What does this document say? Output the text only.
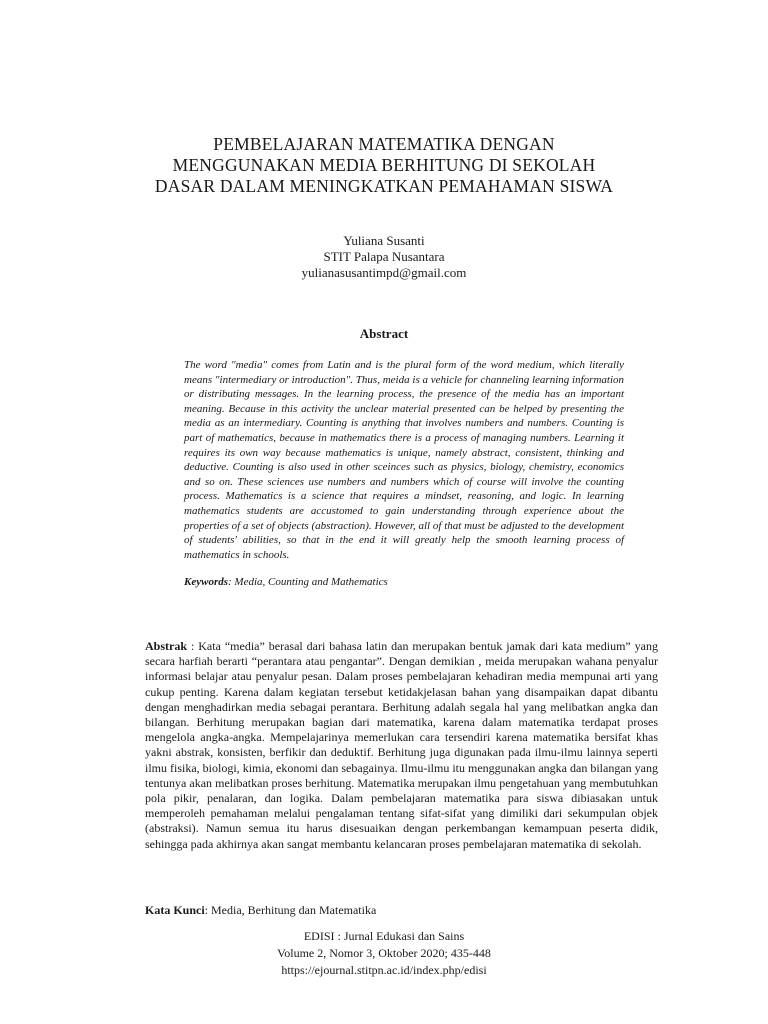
PEMBELAJARAN MATEMATIKA DENGAN
MENGGUNAKAN MEDIA BERHITUNG DI SEKOLAH
DASAR DALAM MENINGKATKAN PEMAHAMAN SISWA
Yuliana Susanti
STIT Palapa Nusantara
yulianasusantimpd@gmail.com
Abstract

The word "media" comes from Latin and is the plural form of the word medium, which literally means "intermediary or introduction". Thus, meida is a vehicle for channeling learning information or distributing messages. In the learning process, the presence of the media has an important meaning. Because in this activity the unclear material presented can be helped by presenting the media as an intermediary. Counting is anything that involves numbers and numbers. Counting is part of mathematics, because in mathematics there is a process of managing numbers. Learning it requires its own way because mathematics is unique, namely abstract, consistent, thinking and deductive. Counting is also used in other sceinces such as physics, biology, chemistry, economics and so on. These sciences use numbers and numbers which of course will involve the counting process. Mathematics is a science that requires a mindset, reasoning, and logic. In learning mathematics students are accustomed to gain understanding through experience about the properties of a set of objects (abstraction). However, all of that must be adjusted to the development of students' abilities, so that in the end it will greatly help the smooth learning process of mathematics in schools.

Keywords: Media, Counting and Mathematics

Abstrak : Kata “media” berasal dari bahasa latin dan merupakan bentuk jamak dari kata medium” yang secara harfiah berarti “perantara atau pengantar”. Dengan demikian , meida merupakan wahana penyalur informasi belajar atau penyalur pesan. Dalam proses pembelajaran kehadiran media mempunai arti yang cukup penting. Karena dalam kegiatan tersebut ketidakjelasan bahan yang disampaikan dapat dibantu dengan menghadirkan media sebagai perantara. Berhitung adalah segala hal yang melibatkan angka dan bilangan. Berhitung merupakan bagian dari matematika, karena dalam matematika terdapat proses mengelola angka-angka. Mempelajarinya memerlukan cara tersendiri karena matematika bersifat khas yakni abstrak, konsisten, berfikir dan deduktif. Berhitung juga digunakan pada ilmu-ilmu lainnya seperti ilmu fisika, biologi, kimia, ekonomi dan sebagainya. Ilmu-ilmu itu menggunakan angka dan bilangan yang tentunya akan melibatkan proses berhitung. Matematika merupakan ilmu pengetahuan yang membutuhkan pola pikir, penalaran, dan logika. Dalam pembelajaran matematika para siswa dibiasakan untuk memperoleh pemahaman melalui pengalaman tentang sifat-sifat yang dimiliki dari sekumpulan objek (abstraksi). Namun semua itu harus disesuaikan dengan perkembangan kemampuan peserta didik, sehingga pada akhirnya akan sangat membantu kelancaran proses pembelajaran matematika di sekolah.

Kata Kunci: Media, Berhitung dan Matematika
EDISI : Jurnal Edukasi dan Sains
Volume 2, Nomor 3, Oktober 2020; 435-448
https://ejournal.stitpn.ac.id/index.php/edisi
